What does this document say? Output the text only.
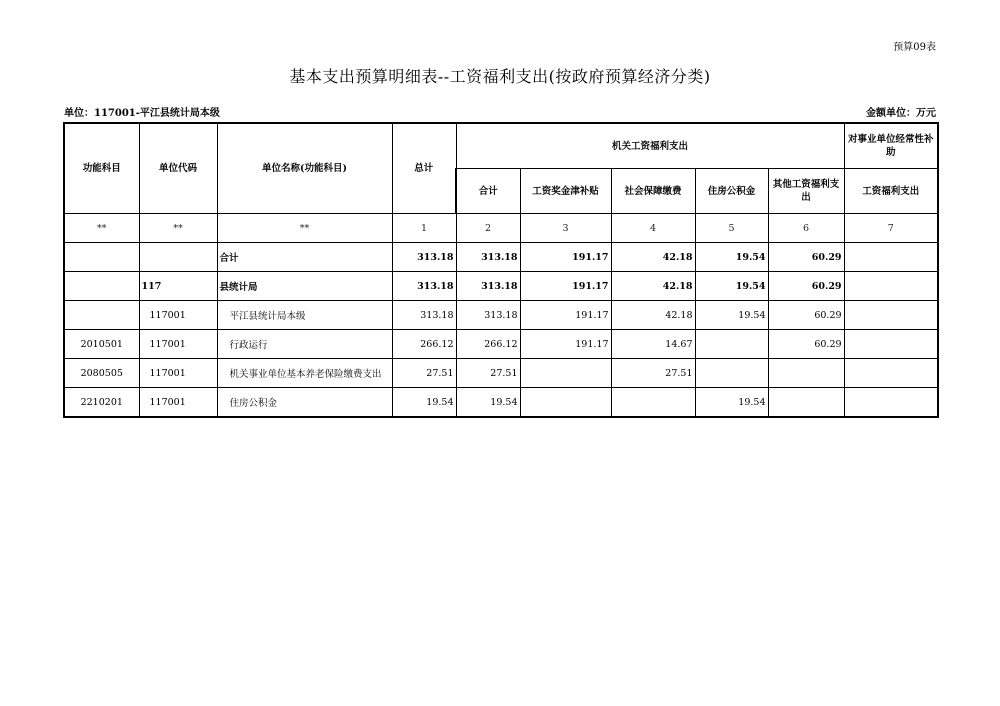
预算09表
基本支出预算明细表--工资福利支出(按政府预算经济分类)
单位：117001-平江县统计局本级	金额单位：万元
功能科目	单位代码	单位名称(功能科目)	总计	机关工资福利支出					对事业单位经常性补助
				合计	工资奖金津补贴	社会保障缴费	住房公积金	其他工资福利支出	工资福利支出
**	**	**	1	2	3	4	5	6	7
		合计	313.18	313.18	191.17	42.18	19.54	60.29	
	117	县统计局	313.18	313.18	191.17	42.18	19.54	60.29	
	117001	平江县统计局本级	313.18	313.18	191.17	42.18	19.54	60.29	
2010501	117001	行政运行	266.12	266.12	191.17	14.67		60.29	
2080505	117001	机关事业单位基本养老保险缴费支出	27.51	27.51		27.51			
2210201	117001	住房公积金	19.54	19.54			19.54		
